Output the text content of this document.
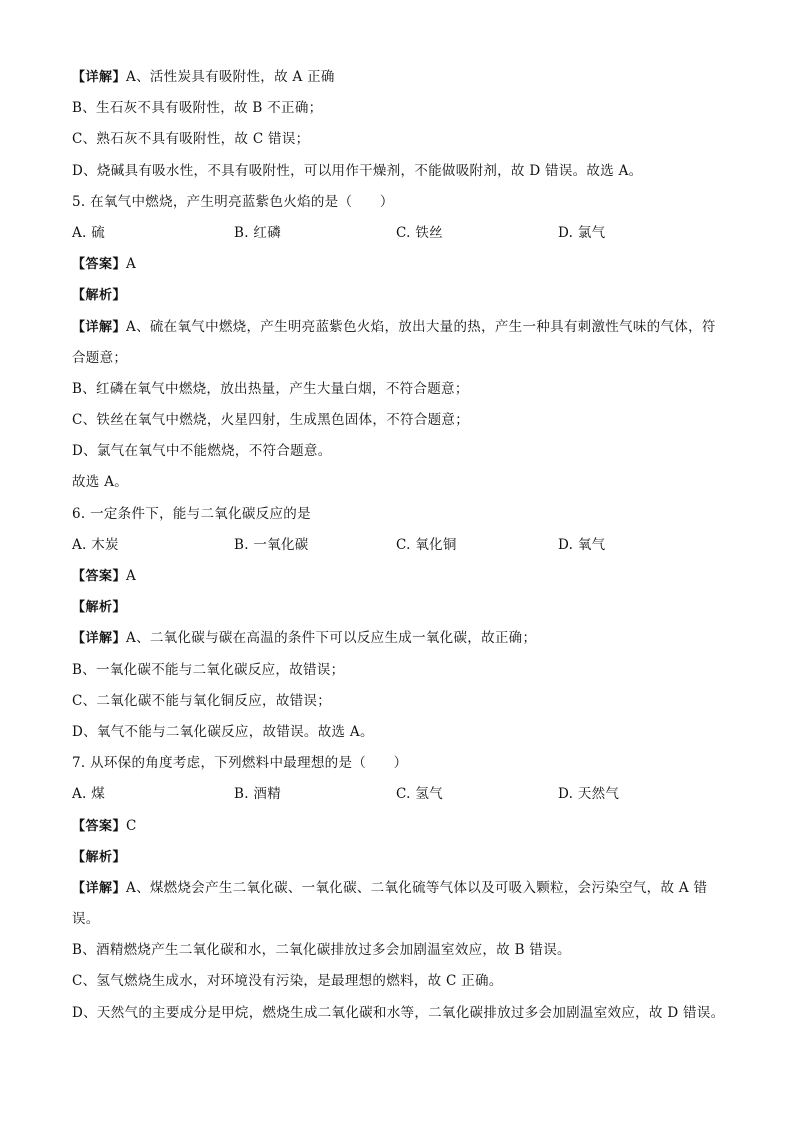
【详解】A、活性炭具有吸附性，故 A 正确
B、生石灰不具有吸附性，故 B 不正确；
C、熟石灰不具有吸附性，故 C 错误；
D、烧碱具有吸水性，不具有吸附性，可以用作干燥剂，不能做吸附剂，故 D 错误。故选 A。
5. 在氧气中燃烧，产生明亮蓝紫色火焰的是（　　）
A. 硫	B. 红磷	C. 铁丝	D. 氯气
【答案】A
【解析】
【详解】A、硫在氧气中燃烧，产生明亮蓝紫色火焰，放出大量的热，产生一种具有刺激性气味的气体，符
合题意；
B、红磷在氧气中燃烧，放出热量，产生大量白烟，不符合题意；
C、铁丝在氧气中燃烧，火星四射，生成黑色固体，不符合题意；
D、氯气在氧气中不能燃烧，不符合题意。
故选 A。
6. 一定条件下，能与二氧化碳反应的是
A. 木炭	B. 一氧化碳	C. 氧化铜	D. 氧气
【答案】A
【解析】
【详解】A、二氧化碳与碳在高温的条件下可以反应生成一氧化碳，故正确；
B、一氧化碳不能与二氧化碳反应，故错误；
C、二氧化碳不能与氧化铜反应，故错误；
D、氧气不能与二氧化碳反应，故错误。故选 A。
7. 从环保的角度考虑，下列燃料中最理想的是（　　）
A. 煤	B. 酒精	C. 氢气	D. 天然气
【答案】C
【解析】
【详解】A、煤燃烧会产生二氧化碳、一氧化碳、二氧化硫等气体以及可吸入颗粒，会污染空气，故 A 错
误。
B、酒精燃烧产生二氧化碳和水，二氧化碳排放过多会加剧温室效应，故 B 错误。
C、氢气燃烧生成水，对环境没有污染，是最理想的燃料，故 C 正确。
D、天然气的主要成分是甲烷，燃烧生成二氧化碳和水等，二氧化碳排放过多会加剧温室效应，故 D 错误。
